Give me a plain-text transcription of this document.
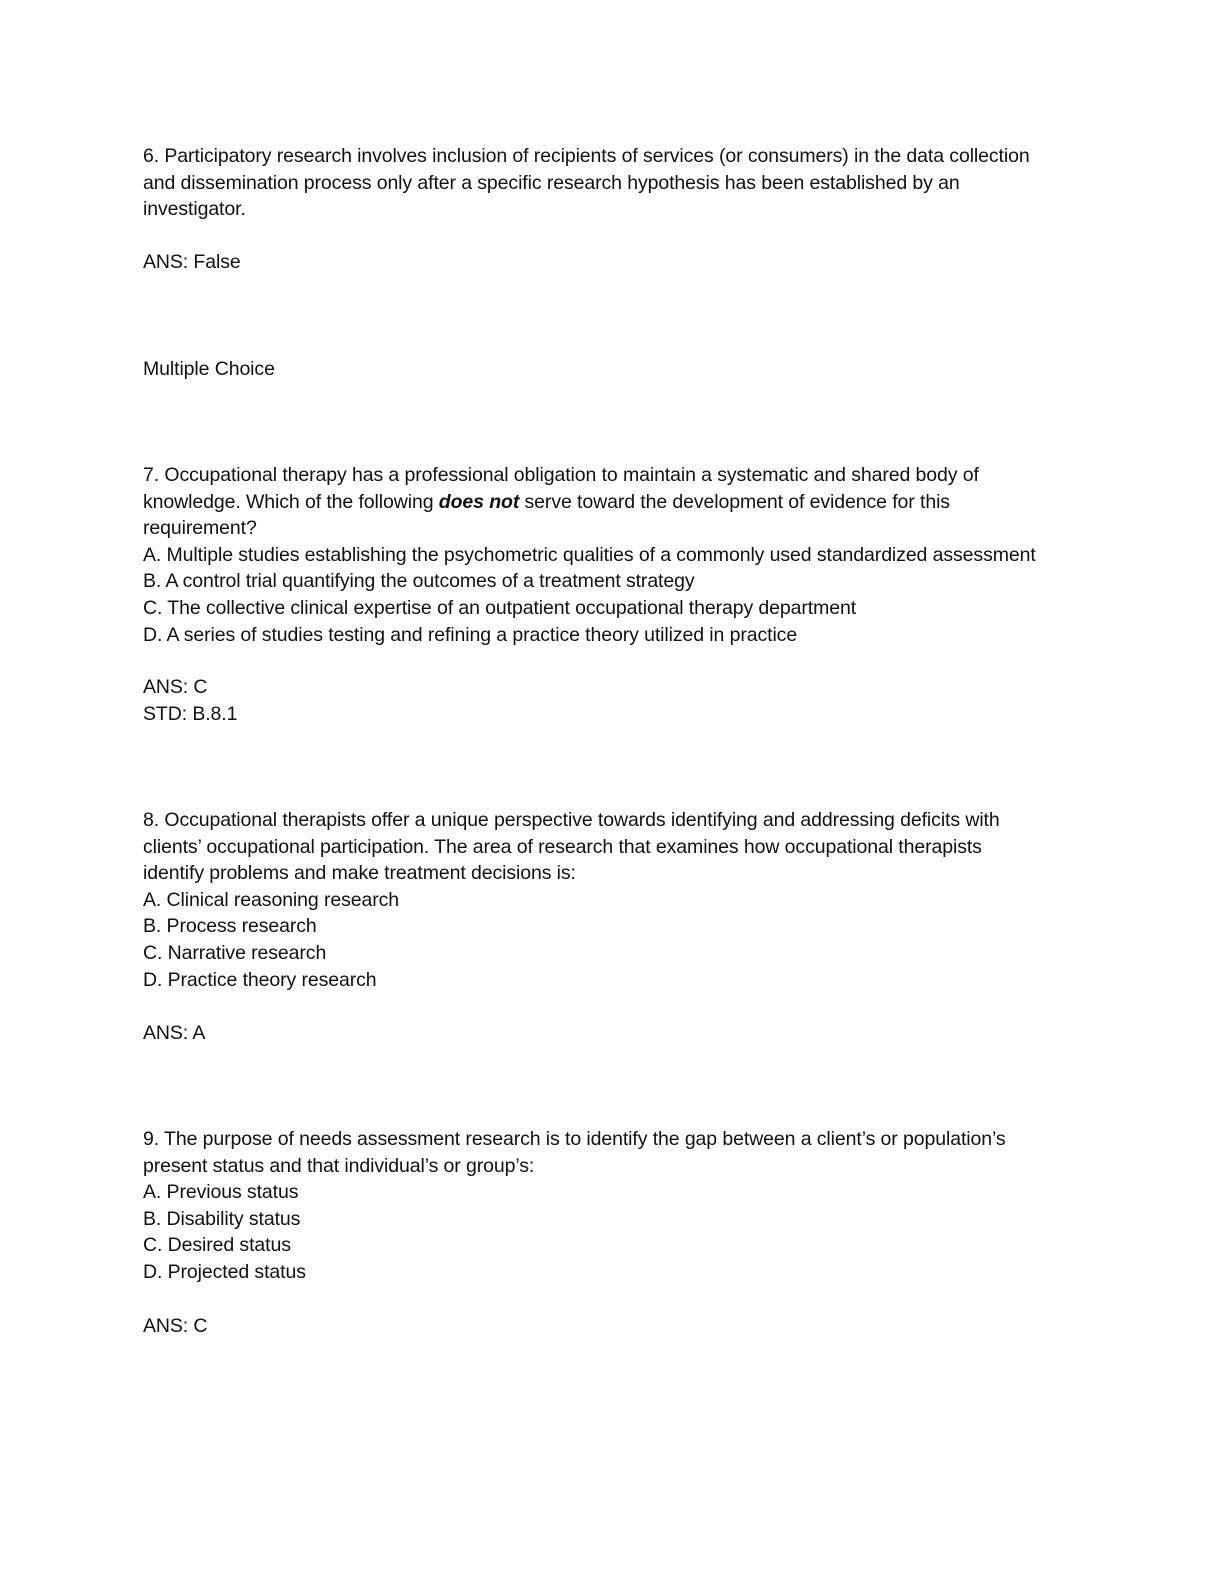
6. Participatory research involves inclusion of recipients of services (or consumers) in the data collection
and dissemination process only after a specific research hypothesis has been established by an
investigator.
ANS: False
Multiple Choice
7. Occupational therapy has a professional obligation to maintain a systematic and shared body of
knowledge. Which of the following does not serve toward the development of evidence for this
requirement?
A. Multiple studies establishing the psychometric qualities of a commonly used standardized assessment
B. A control trial quantifying the outcomes of a treatment strategy
C. The collective clinical expertise of an outpatient occupational therapy department
D. A series of studies testing and refining a practice theory utilized in practice
ANS: C
STD: B.8.1
8. Occupational therapists offer a unique perspective towards identifying and addressing deficits with
clients’ occupational participation. The area of research that examines how occupational therapists
identify problems and make treatment decisions is:
A. Clinical reasoning research
B. Process research
C. Narrative research
D. Practice theory research
ANS: A
9. The purpose of needs assessment research is to identify the gap between a client’s or population’s
present status and that individual’s or group’s:
A. Previous status
B. Disability status
C. Desired status
D. Projected status
ANS: C
